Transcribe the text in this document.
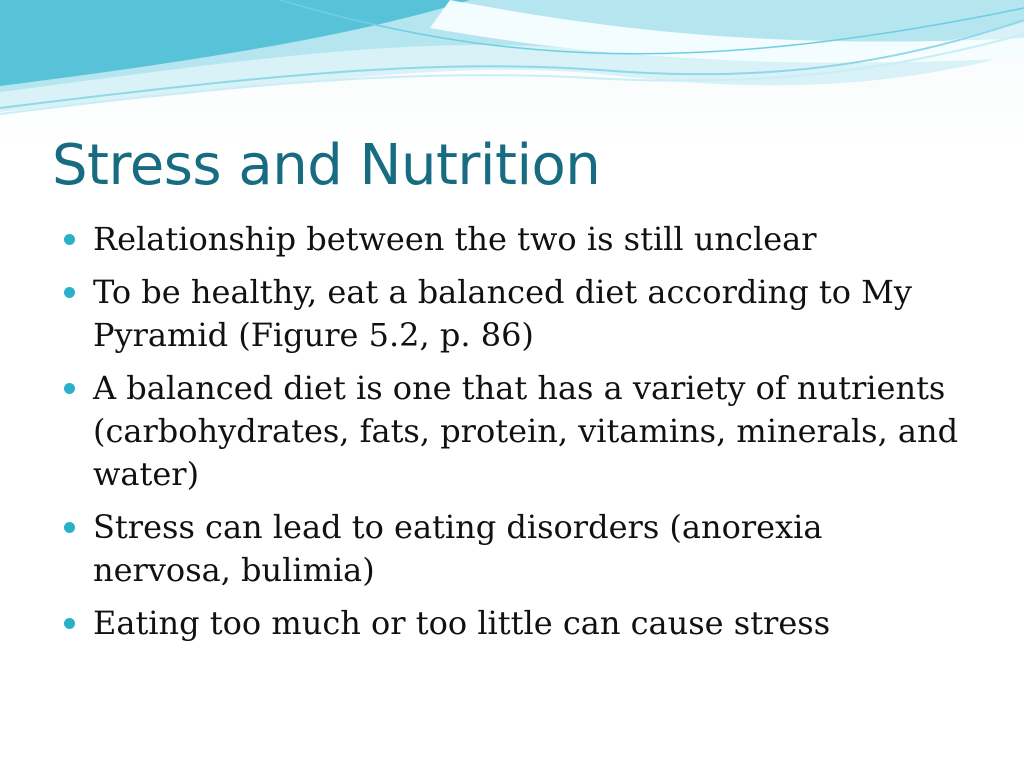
Stress and Nutrition
Relationship between the two is still unclear
To be healthy, eat a balanced diet according to My Pyramid (Figure 5.2, p. 86)
A balanced diet is one that has a variety of nutrients (carbohydrates, fats, protein, vitamins, minerals, and water)
Stress can lead to eating disorders (anorexia nervosa, bulimia)
Eating too much or too little can cause stress
